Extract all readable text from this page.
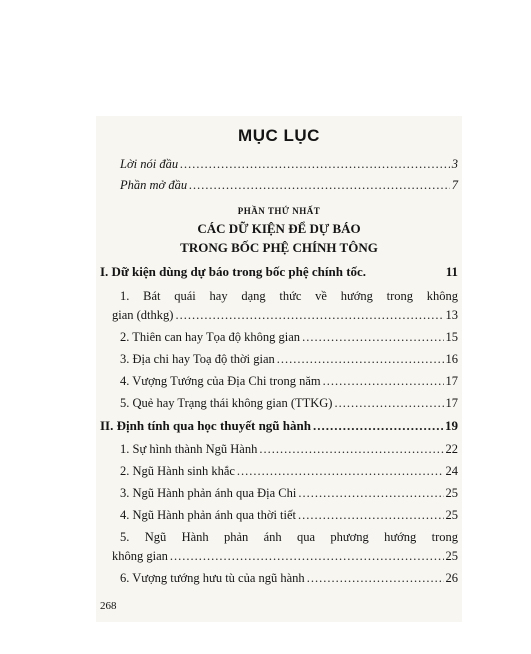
MỤC LỤC
Lời nói đầu .....	3
Phần mở đầu .....	7
PHẦN THỨ NHẤT
CÁC DỮ KIỆN ĐỂ DỰ BÁO
TRONG BỐC PHỆ CHÍNH TÔNG
I. Dữ kiện dùng dự báo trong bốc phệ chính tốc.	11
1. Bát quái hay dạng thức về hướng trong không
gian (dthkg) .....	13
2. Thiên can hay Tọa độ không gian .....	15
3. Địa chi hay Toạ độ thời gian .....	16
4. Vượng Tướng của Địa Chi trong năm .....	17
5. Quẻ hay Trạng thái không gian (TTKG) .....	17
II. Định tính qua học thuyết ngũ hành .....	19
1. Sự hình thành Ngũ Hành .....	22
2. Ngũ Hành sinh khắc .....	24
3. Ngũ Hành phản ánh qua Địa Chi .....	25
4. Ngũ Hành phản ánh qua thời tiết .....	25
5. Ngũ Hành phản ánh qua phương hướng trong
không gian .....	25
6. Vượng tướng hưu tù của ngũ hành .....	26
268
